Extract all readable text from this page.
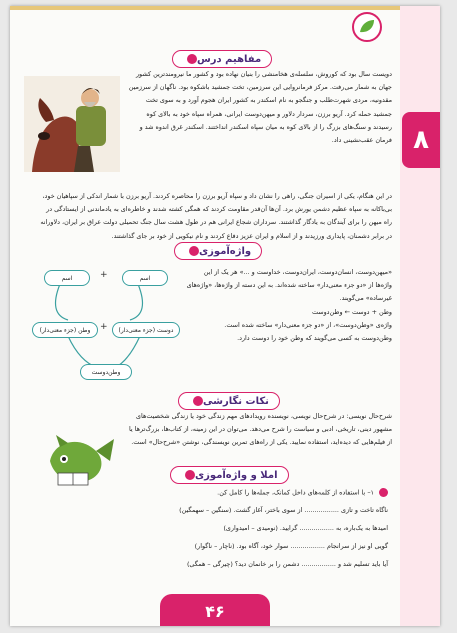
۸
مفاهیم درس

دویست سال بود که کوروش، سلسله‌ی هخامنشی را بنیان نهاده بود و کشور ما نیرومندترین کشور جهان به شمار می‌رفت. مرکز فرمانروایی این سرزمین، تخت جمشید باشکوه بود. ناگهان از سرزمین مقدونیه، مردی شهرت‌طلب و جنگجو به نام اسکندر به کشور ایران هجوم آورد و به سوی تخت جمشید حمله کرد. آریو برزن، سردار دلاور و میهن‌دوست ایرانی، همراه سپاه خود به بالای کوه رسیدند و سنگ‌های بزرگ را از بالای کوه به میان سپاه اسکندر انداختند. اسکندر غرق اندوه شد و فرمان عقب‌نشینی داد.

در این هنگام، یکی از اسیران جنگی، راهی را نشان داد و سپاه آریو برزن را محاصره کردند. آریو برزن با شمار اندکی از سپاهیان خود، بی‌باکانه به سپاه عظیم دشمن یورش برد. آن‌ها آن‌قدر مقاومت کردند که همگی کشته شدند و خاطره‌ای به یادماندنی از ایستادگی در راه میهن را برای آیندگان به یادگار گذاشتند. سرداران شجاع ایرانی هم در طول هشت سال جنگ تحمیلی دولت عراق بر ایران، دلاورانه در برابر دشمنان، پایداری ورزیدند و از اسلام و ایران عزیز دفاع کردند و نام نیکویی از خود بر جای گذاشتند.

واژه‌آموزی
اسم	+	اسم
وطن (جزء معنی‌دار)	+	دوست (جزء معنی‌دار)
وطن‌دوست

«میهن‌دوست، انسان‌دوست، ایران‌دوست، خداوست و ...» هر یک از این واژه‌ها از «دو جزء معنی‌دار» ساخته شده‌اند. به این دسته از واژه‌ها، «واژه‌های غیرساده» می‌گویند.

وطن + دوست ← وطن‌دوست

واژه‌ی «وطن‌دوست»، از «دو جزء معنی‌دار» ساخته شده است.

وطن‌دوست به کسی می‌گویند که وطن خود را دوست دارد.

نکات نگارشی

شرح‌حال نویسی: در شرح‌حال نویسی، نویسنده رویدادهای مهم زندگی خود یا زندگی شخصیت‌های مشهور دینی، تاریخی، ادبی و سیاست را شرح می‌دهد. می‌توان در این زمینه، از کتاب‌ها، بزرگ‌ترها یا از فیلم‌هایی که دیده‌اید، استفاده نمایید. یکی از راه‌های تمرین نویسندگی، نوشتن «شرح‌حال» است.

املا و واژه‌آموزی
۱– با استفاده از کلمه‌های داخل کمانک، جمله‌ها را کامل کن.
ناگاه تاخت و تازی ................. از سوی باختر، آغاز گشت. (سنگین – سهمگین)
امیدها به یک‌باره، به ................. گرایید. (نومیدی – امیدواری)
گویی او نیز از سرانجام ................. سوار خود، آگاه بود. (ناچار – ناگوار)
آیا باید تسلیم شد و ................. دشمن را بر خانمان دید؟ (چیرگی – همگی)
۴۶
